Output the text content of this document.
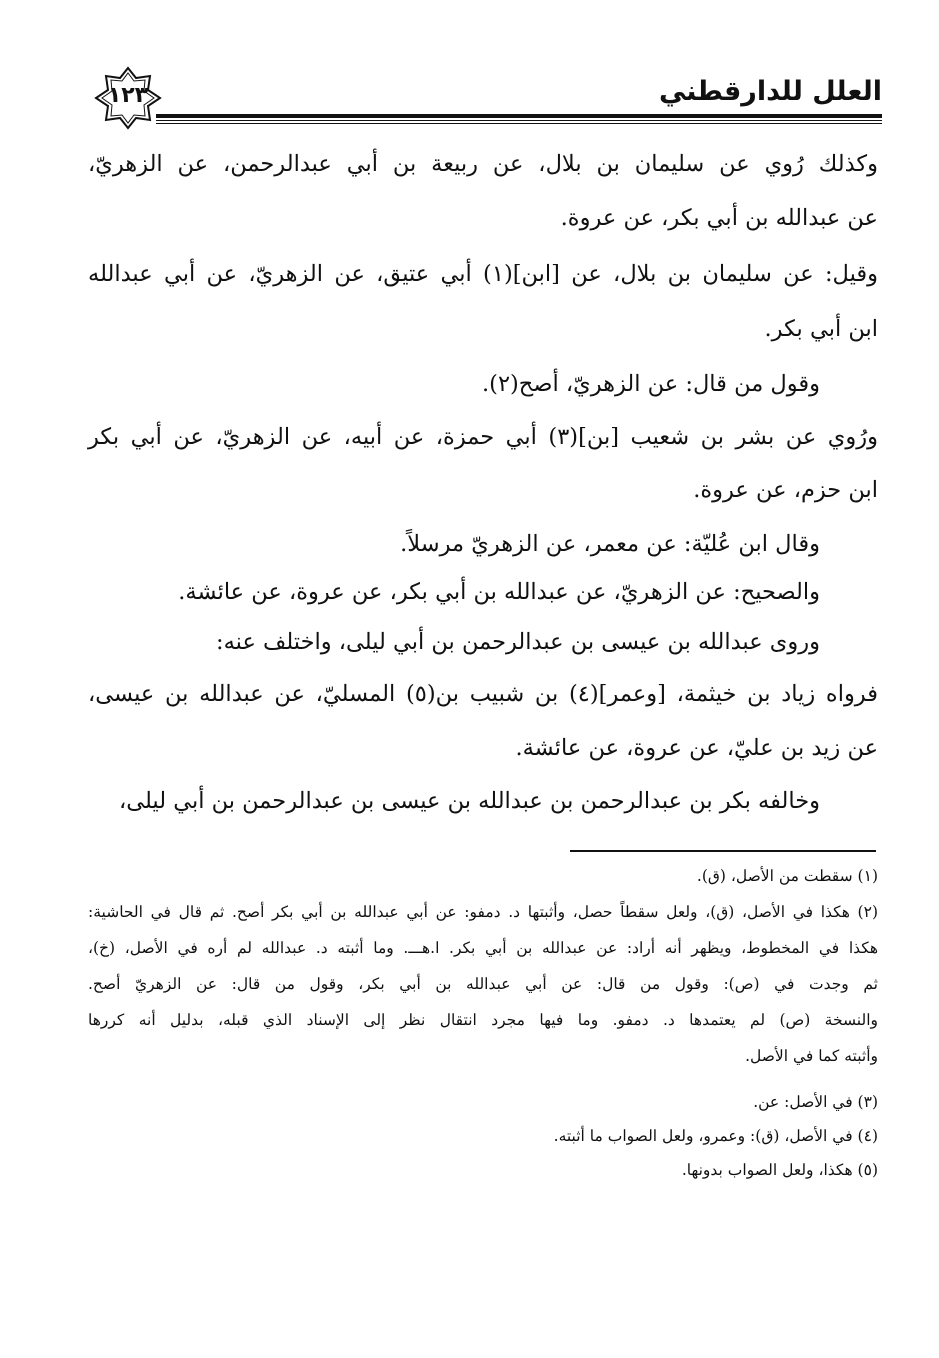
١٢٣	العلل للدارقطني
وكذلك رُوي عن سليمان بن بلال، عن ربيعة بن أبي عبدالرحمن، عن الزهريّ،
عن عبدالله بن أبي بكر، عن عروة.
وقيل: عن سليمان بن بلال، عن [ابن](١) أبي عتيق، عن الزهريّ، عن أبي عبدالله
ابن أبي بكر.
وقول من قال: عن الزهريّ، أصح(٢).
ورُوي عن بشر بن شعيب [بن](٣) أبي حمزة، عن أبيه، عن الزهريّ، عن أبي بكر
ابن حزم، عن عروة.
وقال ابن عُليّة: عن معمر، عن الزهريّ مرسلاً.
والصحيح: عن الزهريّ، عن عبدالله بن أبي بكر، عن عروة، عن عائشة.
وروى عبدالله بن عيسى بن عبدالرحمن بن أبي ليلى، واختلف عنه:
فرواه زياد بن خيثمة، [وعمر](٤) بن شبيب بن(٥) المسليّ، عن عبدالله بن عيسى،
عن زيد بن عليّ، عن عروة، عن عائشة.
وخالفه بكر بن عبدالرحمن بن عبدالله بن عيسى بن عبدالرحمن بن أبي ليلى،
(١) سقطت من الأصل، (ق).
(٢) هكذا في الأصل، (ق)، ولعل سقطاً حصل، وأثبتها د. دمفو: عن أبي عبدالله بن أبي بكر أصح. ثم قال في الحاشية:
هكذا في المخطوط، ويظهر أنه أراد: عن عبدالله بن أبي بكر. ا.هـــ. وما أثبته د. عبدالله لم أره في الأصل، (خ)،
ثم وجدت في (ص): وقول من قال: عن أبي عبدالله بن أبي بكر، وقول من قال: عن الزهريّ أصح.
والنسخة (ص) لم يعتمدها د. دمفو. وما فيها مجرد انتقال نظر إلى الإسناد الذي قبله، بدليل أنه كررها
وأثبته كما في الأصل.
(٣) في الأصل: عن.
(٤) في الأصل، (ق): وعمرو، ولعل الصواب ما أثبته.
(٥) هكذا، ولعل الصواب بدونها.
